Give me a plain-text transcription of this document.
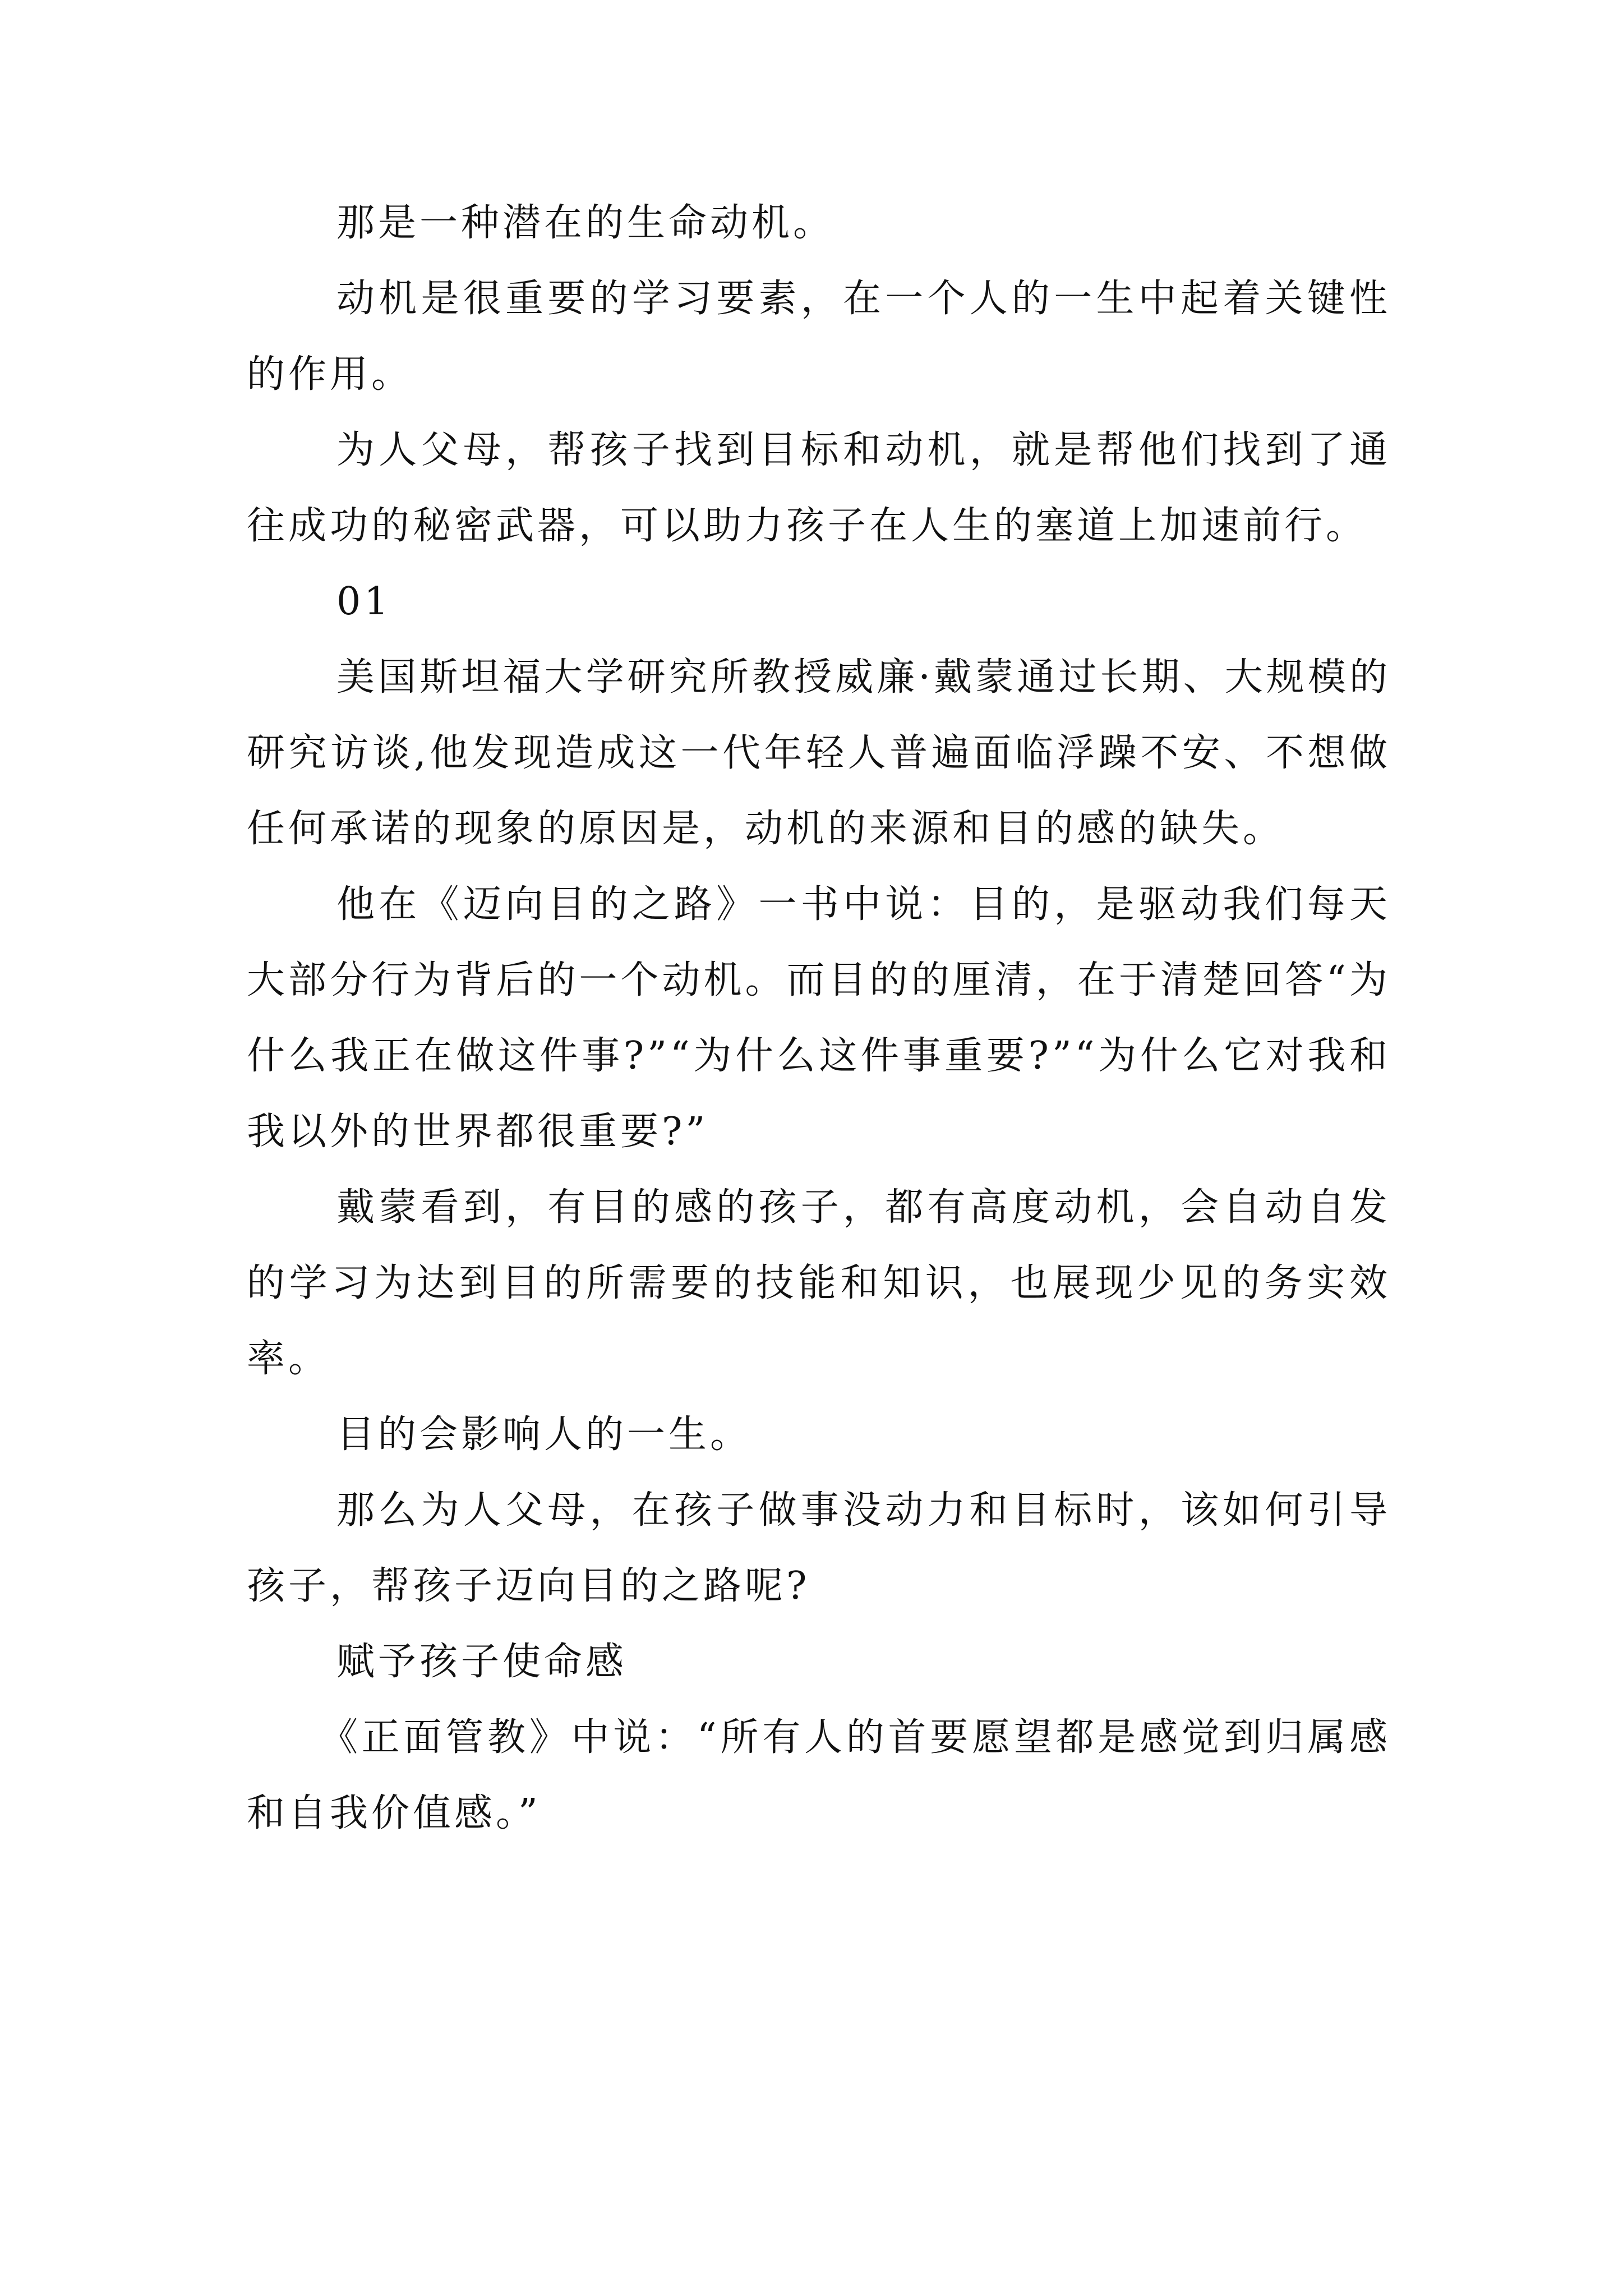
那是一种潜在的生命动机。

动机是很重要的学习要素，在一个人的一生中起着关键性的作用。

为人父母，帮孩子找到目标和动机，就是帮他们找到了通往成功的秘密武器，可以助力孩子在人生的塞道上加速前行。

01

美国斯坦福大学研究所教授威廉·戴蒙通过长期、大规模的研究访谈,他发现造成这一代年轻人普遍面临浮躁不安、不想做任何承诺的现象的原因是，动机的来源和目的感的缺失。

他在《迈向目的之路》一书中说：目的，是驱动我们每天大部分行为背后的一个动机。而目的的厘清，在于清楚回答“为什么我正在做这件事?”“为什么这件事重要?”“为什么它对我和我以外的世界都很重要?”

戴蒙看到，有目的感的孩子，都有高度动机，会自动自发的学习为达到目的所需要的技能和知识，也展现少见的务实效率。

目的会影响人的一生。

那么为人父母，在孩子做事没动力和目标时，该如何引导孩子，帮孩子迈向目的之路呢?

赋予孩子使命感

《正面管教》中说：“所有人的首要愿望都是感觉到归属感和自我价值感。”
